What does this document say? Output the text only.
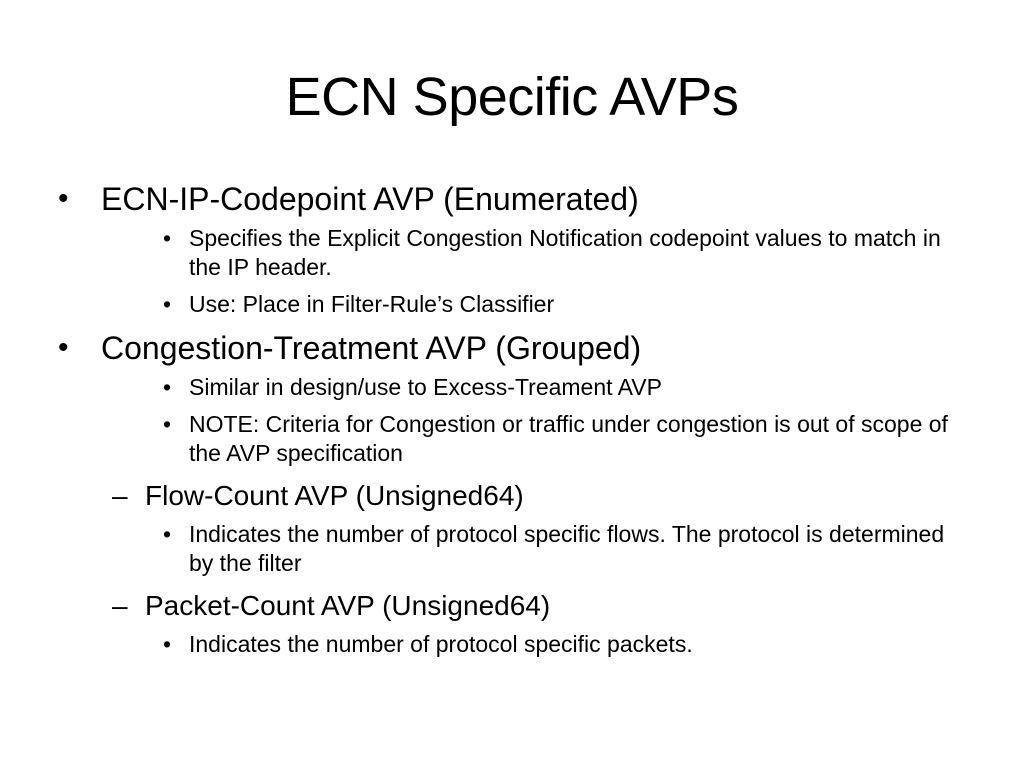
ECN Specific AVPs
• ECN-IP-Codepoint AVP (Enumerated)
• Specifies the Explicit Congestion Notification codepoint values to match in the IP header.
• Use: Place in Filter-Rule’s Classifier
• Congestion-Treatment AVP (Grouped)
• Similar in design/use to Excess-Treament AVP
• NOTE: Criteria for Congestion or traffic under congestion is out of scope of the AVP specification
– Flow-Count AVP (Unsigned64)
• Indicates the number of protocol specific flows. The protocol is determined by the filter
– Packet-Count AVP (Unsigned64)
• Indicates the number of protocol specific packets.
